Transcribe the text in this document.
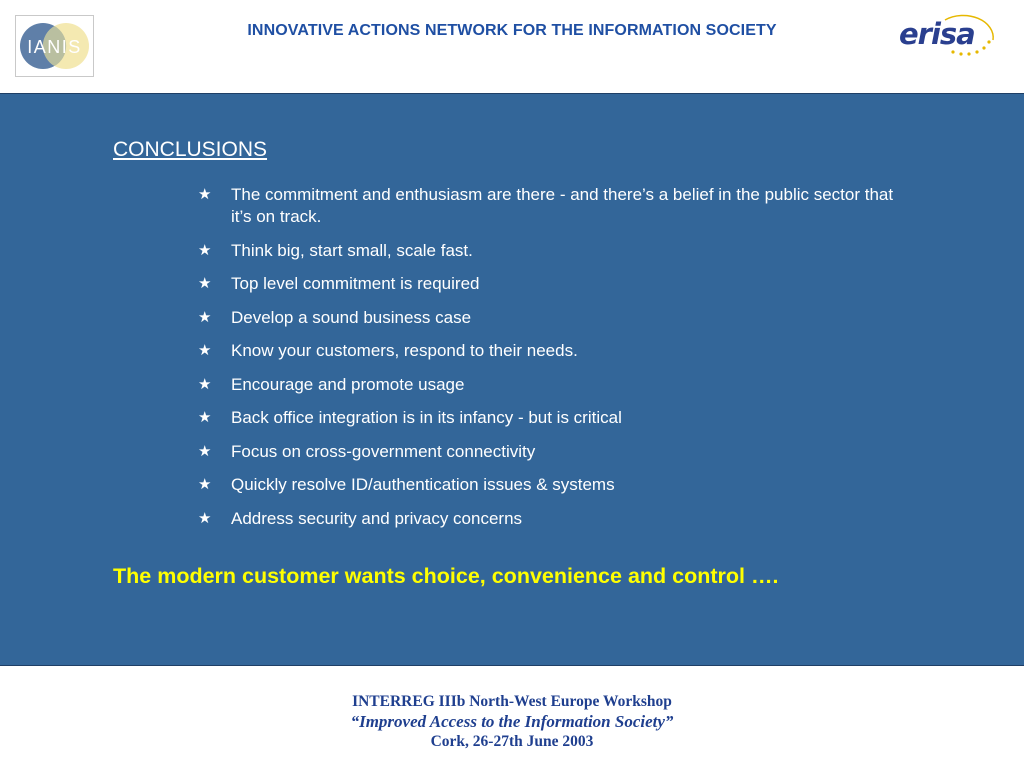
IANIS
INNOVATIVE ACTIONS NETWORK FOR THE INFORMATION SOCIETY	erisa
CONCLUSIONS
★ The commitment and enthusiasm are there - and there’s a belief in the public sector that it’s on track.
★ Think big, start small, scale fast.
★ Top level commitment is required
★ Develop a sound business case
★ Know your customers, respond to their needs.
★ Encourage and promote usage
★ Back office integration is in its infancy - but is critical
★ Focus on cross-government connectivity
★ Quickly resolve ID/authentication issues & systems
★ Address security and privacy concerns
The modern customer wants choice, convenience and control ….
INTERREG IIIb North-West Europe Workshop
“Improved Access to the Information Society”
Cork, 26-27th June 2003
